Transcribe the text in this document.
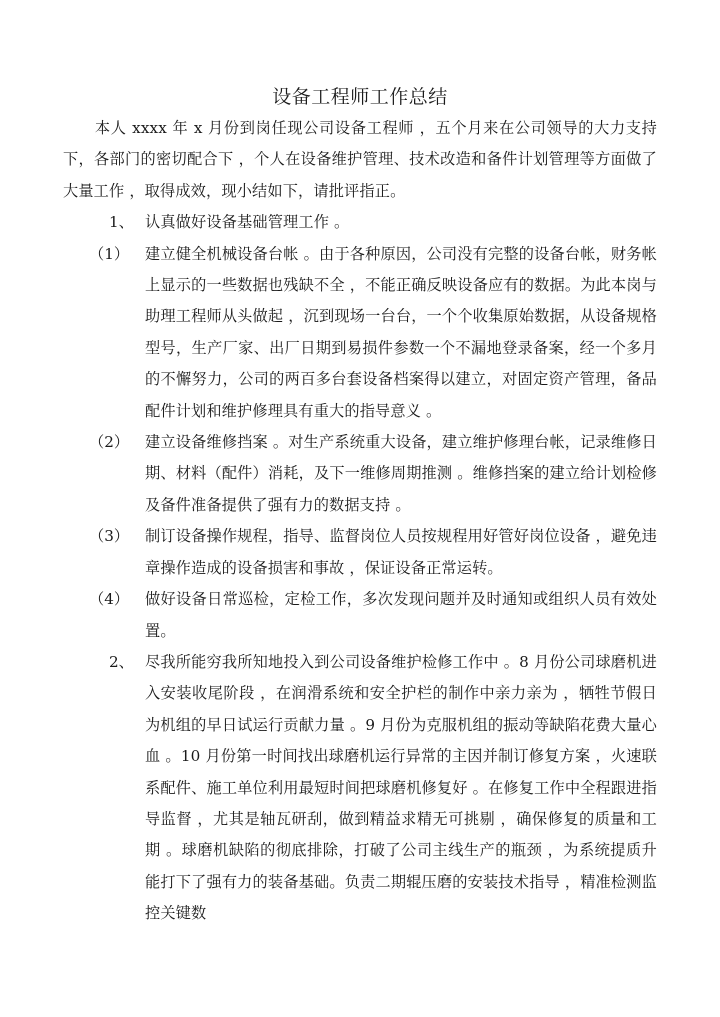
设备工程师工作总结

本人 xxxx 年 x 月份到岗任现公司设备工程师 ，五个月来在公司领导的大力支持下，各部门的密切配合下 ，个人在设备维护管理、技术改造和备件计划管理等方面做了大量工作 ，取得成效，现小结如下，请批评指正。

1、 认真做好设备基础管理工作 。
（1）	建立健全机械设备台帐 。由于各种原因，公司没有完整的设备台帐，财务帐上显示的一些数据也残缺不全 ，不能正确反映设备应有的数据。为此本岗与助理工程师从头做起 ，沉到现场一台台，一个个收集原始数据，从设备规格型号，生产厂家、出厂日期到易损件参数一个不漏地登录备案，经一个多月的不懈努力，公司的两百多台套设备档案得以建立，对固定资产管理，备品配件计划和维护修理具有重大的指导意义 。
（2）	建立设备维修挡案 。对生产系统重大设备，建立维护修理台帐，记录维修日期、材料（配件）消耗，及下一维修周期推测 。维修挡案的建立给计划检修及备件准备提供了强有力的数据支持 。
（3）	制订设备操作规程，指导、监督岗位人员按规程用好管好岗位设备 ，避免违章操作造成的设备损害和事故 ，保证设备正常运转。
（4）	做好设备日常巡检，定检工作，多次发现问题并及时通知或组织人员有效处置。
2、 尽我所能穷我所知地投入到公司设备维护检修工作中 。8 月份公司球磨机进入安装收尾阶段 ，在润滑系统和安全护栏的制作中亲力亲为 ，牺牲节假日为机组的早日试运行贡献力量 。9 月份为克服机组的振动等缺陷花费大量心血 。10 月份第一时间找出球磨机运行异常的主因并制订修复方案 ，火速联系配件、施工单位利用最短时间把球磨机修复好 。在修复工作中全程跟进指导监督 ，尤其是轴瓦研刮，做到精益求精无可挑剔 ，确保修复的质量和工期 。球磨机缺陷的彻底排除，打破了公司主线生产的瓶颈 ，为系统提质升能打下了强有力的装备基础。负责二期辊压磨的安装技术指导 ，精准检测监控关键数
